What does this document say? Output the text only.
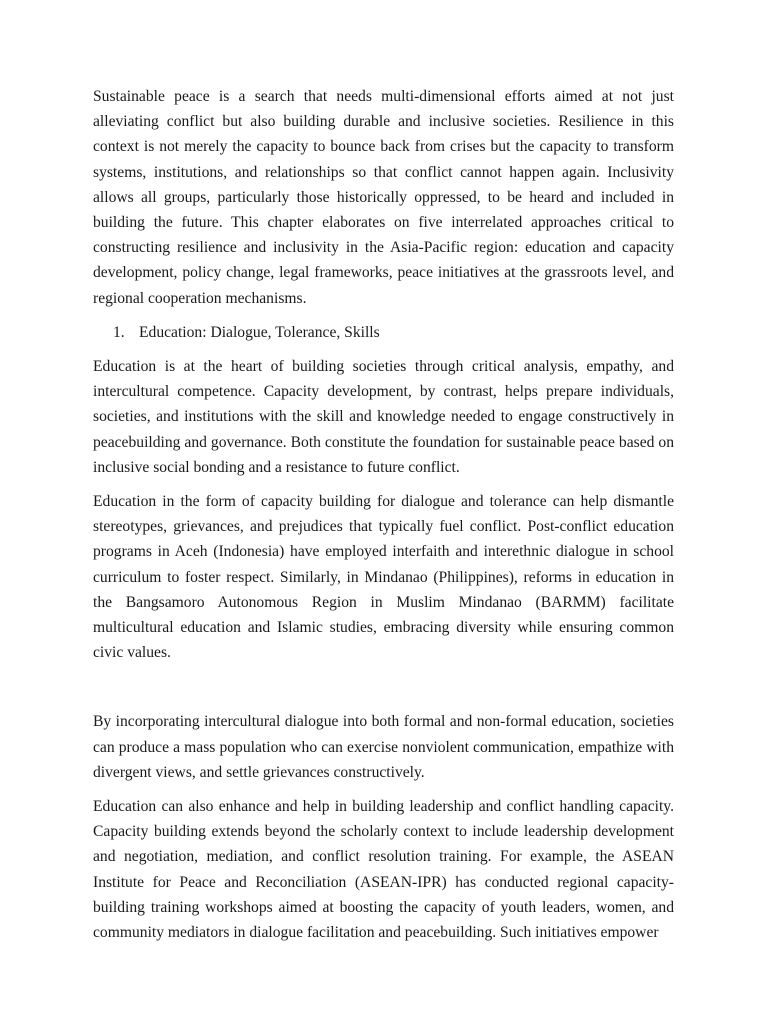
Sustainable peace is a search that needs multi-dimensional efforts aimed at not just alleviating conflict but also building durable and inclusive societies. Resilience in this context is not merely the capacity to bounce back from crises but the capacity to transform systems, institutions, and relationships so that conflict cannot happen again. Inclusivity allows all groups, particularly those historically oppressed, to be heard and included in building the future. This chapter elaborates on five interrelated approaches critical to constructing resilience and inclusivity in the Asia-Pacific region: education and capacity development, policy change, legal frameworks, peace initiatives at the grassroots level, and regional cooperation mechanisms.

1. Education: Dialogue, Tolerance, Skills

Education is at the heart of building societies through critical analysis, empathy, and intercultural competence. Capacity development, by contrast, helps prepare individuals, societies, and institutions with the skill and knowledge needed to engage constructively in peacebuilding and governance. Both constitute the foundation for sustainable peace based on inclusive social bonding and a resistance to future conflict.

Education in the form of capacity building for dialogue and tolerance can help dismantle stereotypes, grievances, and prejudices that typically fuel conflict. Post-conflict education programs in Aceh (Indonesia) have employed interfaith and interethnic dialogue in school curriculum to foster respect. Similarly, in Mindanao (Philippines), reforms in education in the Bangsamoro Autonomous Region in Muslim Mindanao (BARMM) facilitate multicultural education and Islamic studies, embracing diversity while ensuring common civic values.

By incorporating intercultural dialogue into both formal and non-formal education, societies can produce a mass population who can exercise nonviolent communication, empathize with divergent views, and settle grievances constructively.

Education can also enhance and help in building leadership and conflict handling capacity. Capacity building extends beyond the scholarly context to include leadership development and negotiation, mediation, and conflict resolution training. For example, the ASEAN Institute for Peace and Reconciliation (ASEAN-IPR) has conducted regional capacity-building training workshops aimed at boosting the capacity of youth leaders, women, and community mediators in dialogue facilitation and peacebuilding. Such initiatives empower
